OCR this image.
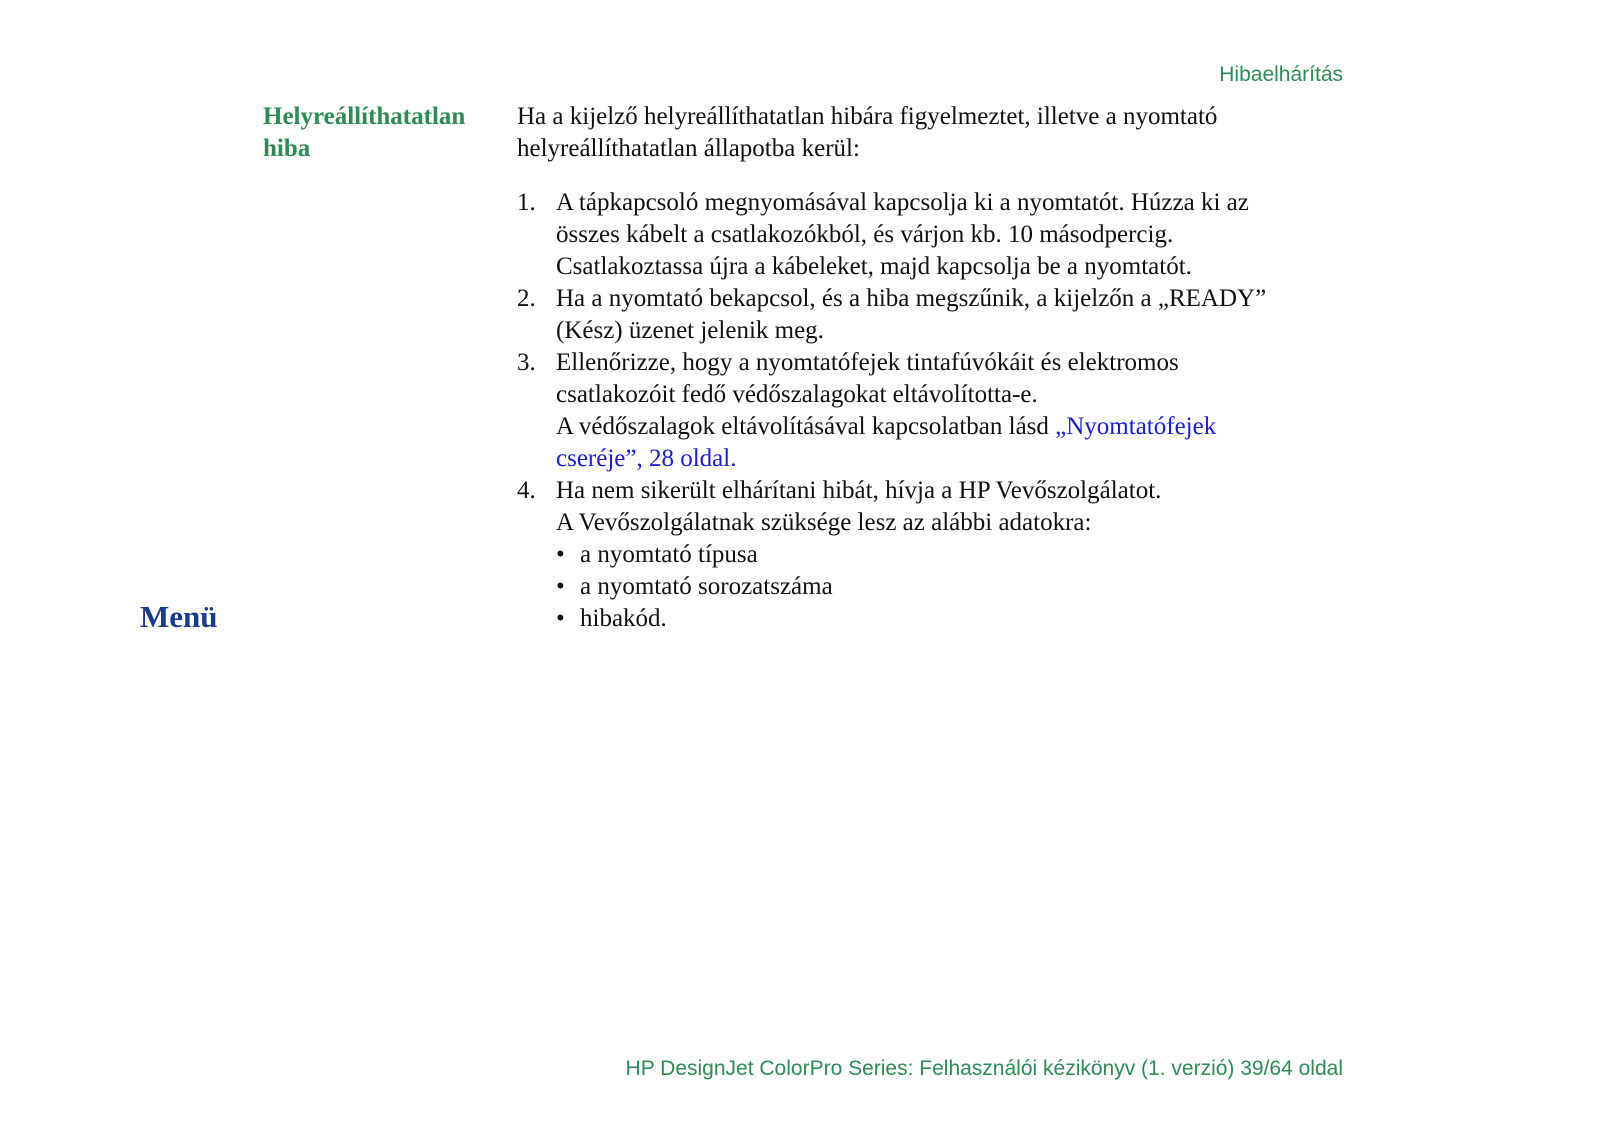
Hibaelhárítás
Helyreállíthatatlan
hiba

Ha a kijelző helyreállíthatatlan hibára figyelmeztet, illetve a nyomtató
helyreállíthatatlan állapotba kerül:

1. A tápkapcsoló megnyomásával kapcsolja ki a nyomtatót. Húzza ki az
összes kábelt a csatlakozókból, és várjon kb. 10 másodpercig.
Csatlakoztassa újra a kábeleket, majd kapcsolja be a nyomtatót.
2. Ha a nyomtató bekapcsol, és a hiba megszűnik, a kijelzőn a „READY”
(Kész) üzenet jelenik meg.
3. Ellenőrizze, hogy a nyomtatófejek tintafúvókáit és elektromos
csatlakozóit fedő védőszalagokat eltávolította-e.
A védőszalagok eltávolításával kapcsolatban lásd „Nyomtatófejek
cseréje”, 28 oldal.
4. Ha nem sikerült elhárítani hibát, hívja a HP Vevőszolgálatot.
A Vevőszolgálatnak szüksége lesz az alábbi adatokra:
• a nyomtató típusa
• a nyomtató sorozatszáma
• hibakód.
Menü
HP DesignJet ColorPro Series: Felhasználói kézikönyv (1. verzió) 39/64 oldal
